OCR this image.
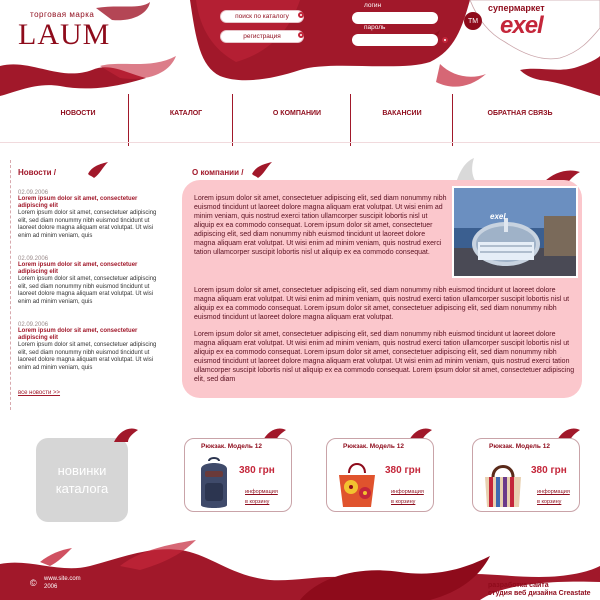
торговая марка
LAUM
поиск по каталогу
регистрация
логин
пароль
ТМ
супермаркет
exel
НОВОСТИ	КАТАЛОГ	О КОМПАНИИ	ВАКАНСИИ	ОБРАТНАЯ СВЯЗЬ
Новости /
02.09.2006
Lorem ipsum dolor sit amet, consectetuer adipiscing elit
Lorem ipsum dolor sit amet, consectetuer adipiscing elit, sed diam nonummy nibh euismod tincidunt ut laoreet dolore magna aliquam erat volutpat. Ut wisi enim ad minim veniam, quis
02.09.2006
Lorem ipsum dolor sit amet, consectetuer adipiscing elit
Lorem ipsum dolor sit amet, consectetuer adipiscing elit, sed diam nonummy nibh euismod tincidunt ut laoreet dolore magna aliquam erat volutpat. Ut wisi enim ad minim veniam, quis
02.09.2006
Lorem ipsum dolor sit amet, consectetuer adipiscing elit
Lorem ipsum dolor sit amet, consectetuer adipiscing elit, sed diam nonummy nibh euismod tincidunt ut laoreet dolore magna aliquam erat volutpat. Ut wisi enim ad minim veniam, quis
все новости >>
О компании /
exel
Lorem ipsum dolor sit amet, consectetuer adipiscing elit, sed diam nonummy nibh euismod tincidunt ut laoreet dolore magna aliquam erat volutpat. Ut wisi enim ad minim veniam, quis nostrud exerci tation ullamcorper suscipit lobortis nisl ut aliquip ex ea commodo consequat. Lorem ipsum dolor sit amet, consectetuer adipiscing elit, sed diam nonummy nibh euismod tincidunt ut laoreet dolore magna aliquam erat volutpat. Ut wisi enim ad minim veniam, quis nostrud exerci tation ullamcorper suscipit lobortis nisl ut aliquip ex ea commodo consequat.
Lorem ipsum dolor sit amet, consectetuer adipiscing elit, sed diam nonummy nibh euismod tincidunt ut laoreet dolore magna aliquam erat volutpat. Ut wisi enim ad minim veniam, quis nostrud exerci tation ullamcorper suscipit lobortis nisl ut aliquip ex ea commodo consequat. Lorem ipsum dolor sit amet, consectetuer adipiscing elit, sed diam nonummy nibh euismod tincidunt ut laoreet dolore magna aliquam erat volutpat.
Lorem ipsum dolor sit amet, consectetuer adipiscing elit, sed diam nonummy nibh euismod tincidunt ut laoreet dolore magna aliquam erat volutpat. Ut wisi enim ad minim veniam, quis nostrud exerci tation ullamcorper suscipit lobortis nisl ut aliquip ex ea commodo consequat. Lorem ipsum dolor sit amet, consectetuer adipiscing elit, sed diam nonummy nibh euismod tincidunt ut laoreet dolore magna aliquam erat volutpat. Ut wisi enim ad minim veniam, quis nostrud exerci tation ullamcorper suscipit lobortis nisl ut aliquip ex ea commodo consequat. Lorem ipsum dolor sit amet, consectetuer adipiscing elit, sed diam
новинки
каталога
Рюкзак. Модель 12
380 грн
информация
в корзину
Рюкзак. Модель 12
380 грн
информация
в корзину
Рюкзак. Модель 12
380 грн
информация
в корзину
© www.site.com
2006	разработка сайта
студия веб дизайна Creastate
